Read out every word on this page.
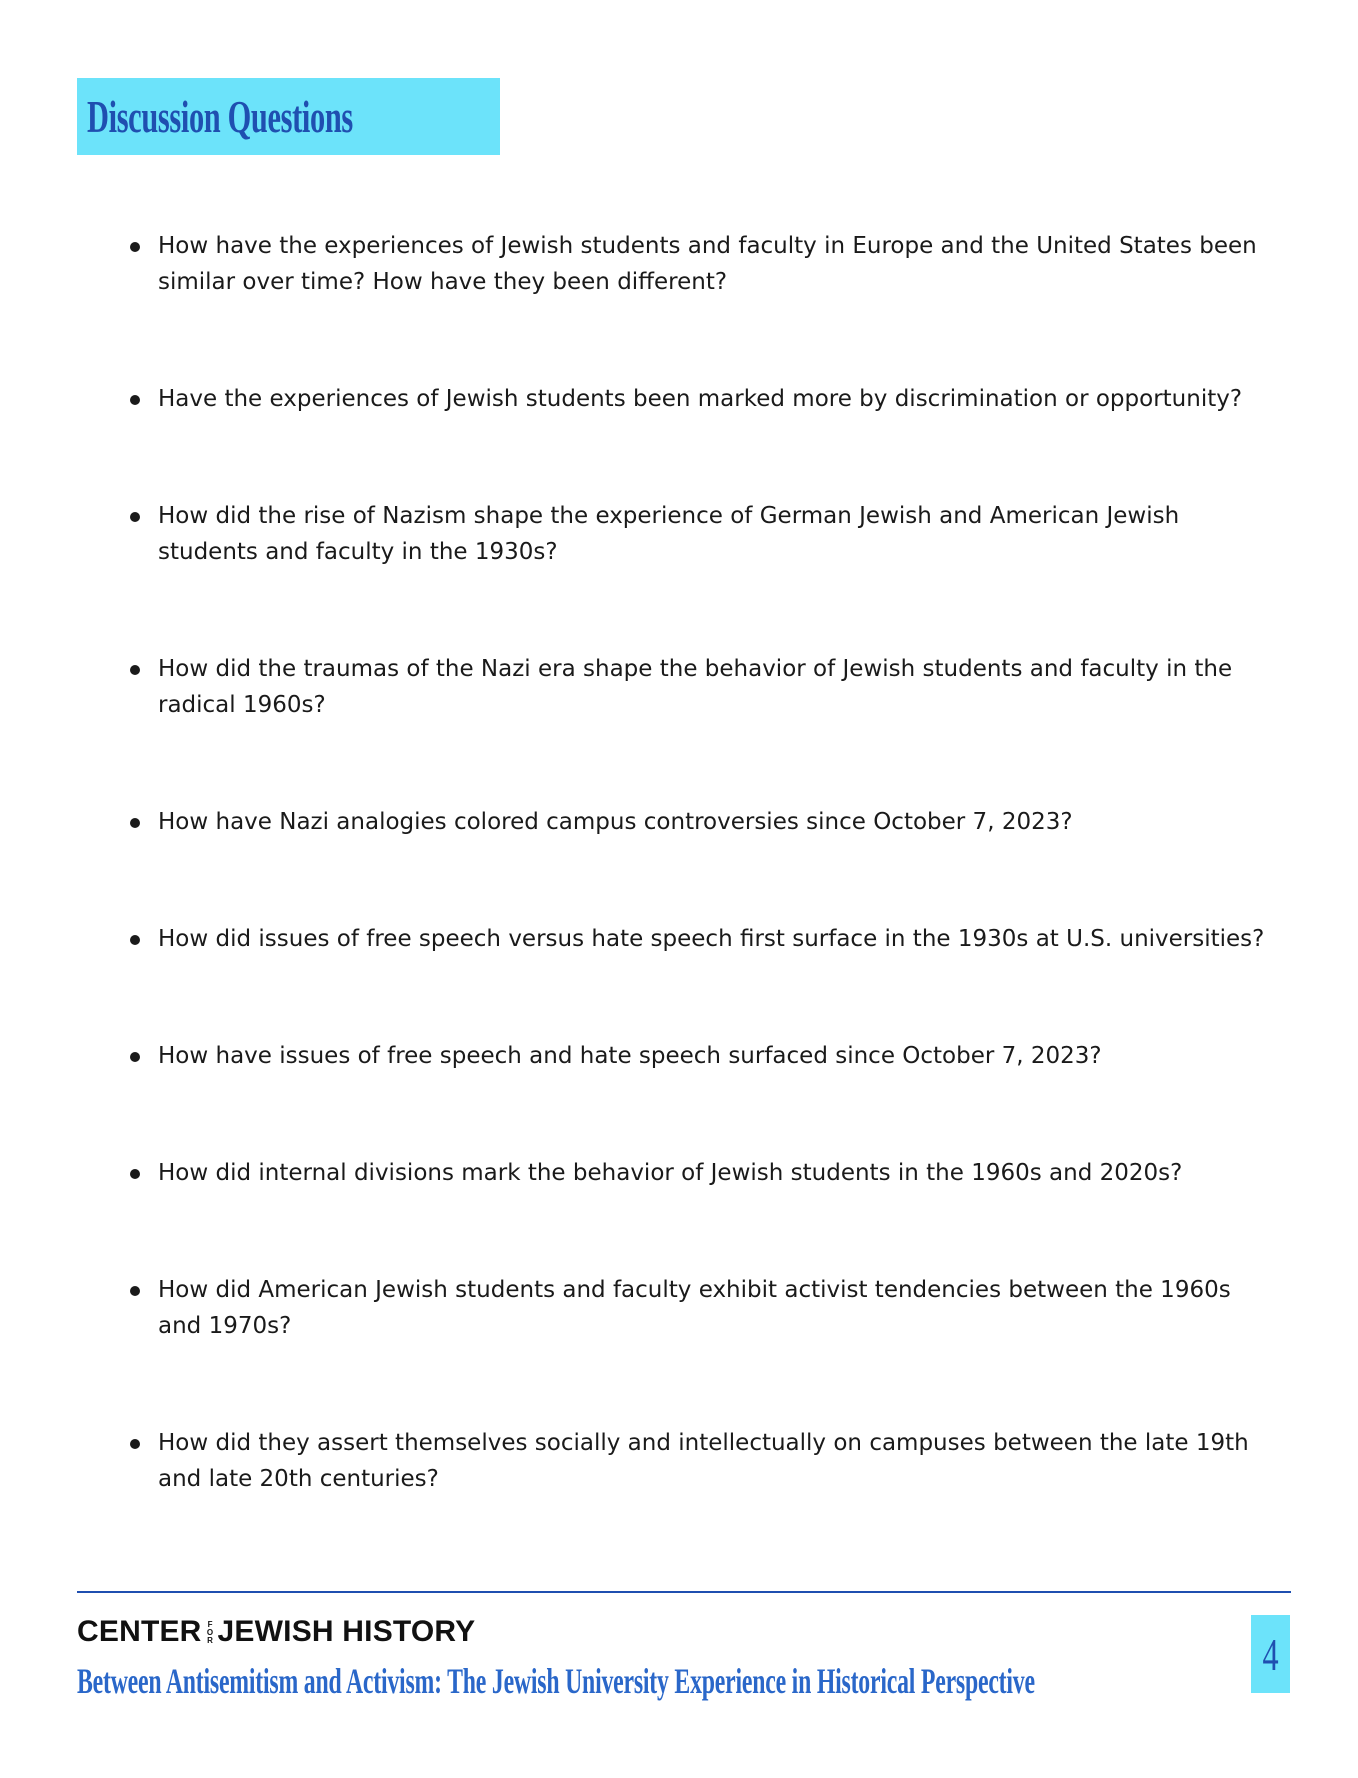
Discussion Questions
How have the experiences of Jewish students and faculty in Europe and the United States been similar over time? How have they been different?
Have the experiences of Jewish students been marked more by discrimination or opportunity?
How did the rise of Nazism shape the experience of German Jewish and American Jewish students and faculty in the 1930s?
How did the traumas of the Nazi era shape the behavior of Jewish students and faculty in the radical 1960s?
How have Nazi analogies colored campus controversies since October 7, 2023?
How did issues of free speech versus hate speech first surface in the 1930s at U.S. universities?
How have issues of free speech and hate speech surfaced since October 7, 2023?
How did internal divisions mark the behavior of Jewish students in the 1960s and 2020s?
How did American Jewish students and faculty exhibit activist tendencies between the 1960s and 1970s?
How did they assert themselves socially and intellectually on campuses between the late 19th and late 20th centuries?
CENTER FOR JEWISH HISTORY
Between Antisemitism and Activism: The Jewish University Experience in Historical Perspective
4
